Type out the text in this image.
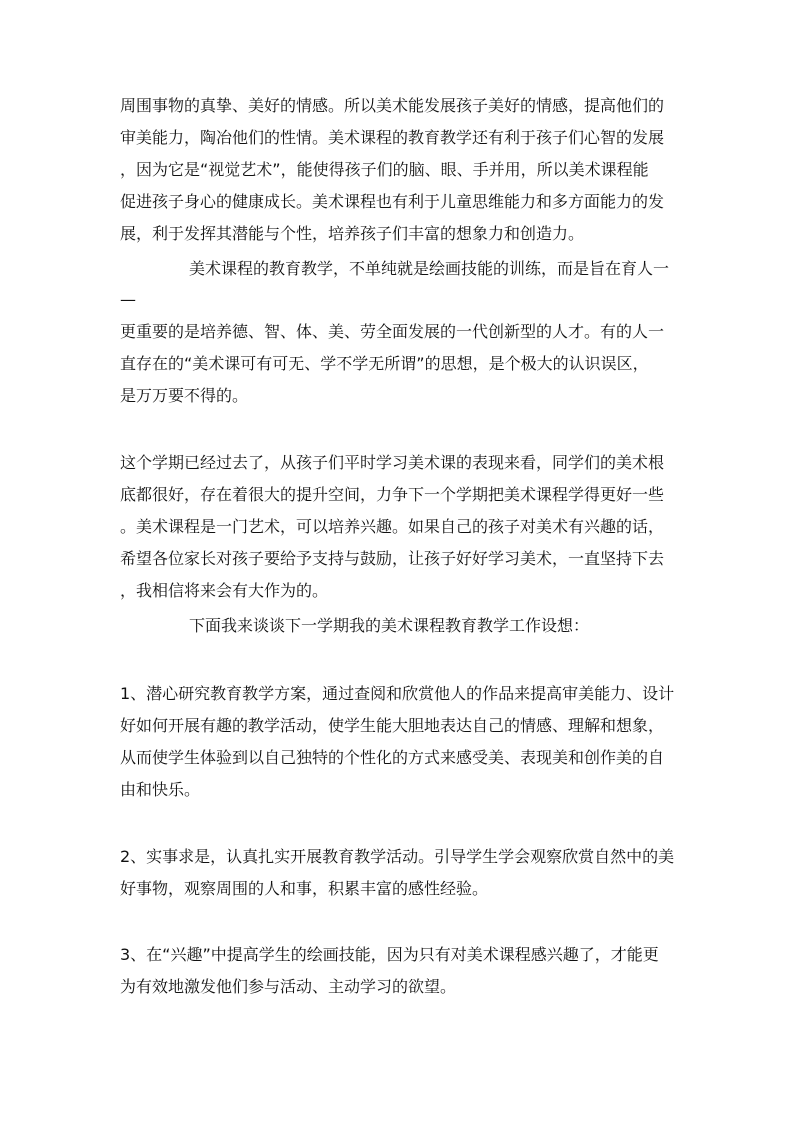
周围事物的真挚、美好的情感。所以美术能发展孩子美好的情感，提高他们的
审美能力，陶冶他们的性情。美术课程的教育教学还有利于孩子们心智的发展
，因为它是“视觉艺术”，能使得孩子们的脑、眼、手并用，所以美术课程能
促进孩子身心的健康成长。美术课程也有利于儿童思维能力和多方面能力的发
展，利于发挥其潜能与个性，培养孩子们丰富的想象力和创造力。
美术课程的教育教学，不单纯就是绘画技能的训练，而是旨在育人一
—
更重要的是培养德、智、体、美、劳全面发展的一代创新型的人才。有的人一
直存在的“美术课可有可无、学不学无所谓”的思想，是个极大的认识误区，
是万万要不得的。
这个学期已经过去了，从孩子们平时学习美术课的表现来看，同学们的美术根
底都很好，存在着很大的提升空间，力争下一个学期把美术课程学得更好一些
。美术课程是一门艺术，可以培养兴趣。如果自己的孩子对美术有兴趣的话，
希望各位家长对孩子要给予支持与鼓励，让孩子好好学习美术，一直坚持下去
，我相信将来会有大作为的。
下面我来谈谈下一学期我的美术课程教育教学工作设想：
1、潜心研究教育教学方案，通过查阅和欣赏他人的作品来提高审美能力、设计
好如何开展有趣的教学活动，使学生能大胆地表达自己的情感、理解和想象，
从而使学生体验到以自己独特的个性化的方式来感受美、表现美和创作美的自
由和快乐。
2、实事求是，认真扎实开展教育教学活动。引导学生学会观察欣赏自然中的美
好事物，观察周围的人和事，积累丰富的感性经验。
3、在“兴趣”中提高学生的绘画技能，因为只有对美术课程感兴趣了，才能更
为有效地激发他们参与活动、主动学习的欲望。
